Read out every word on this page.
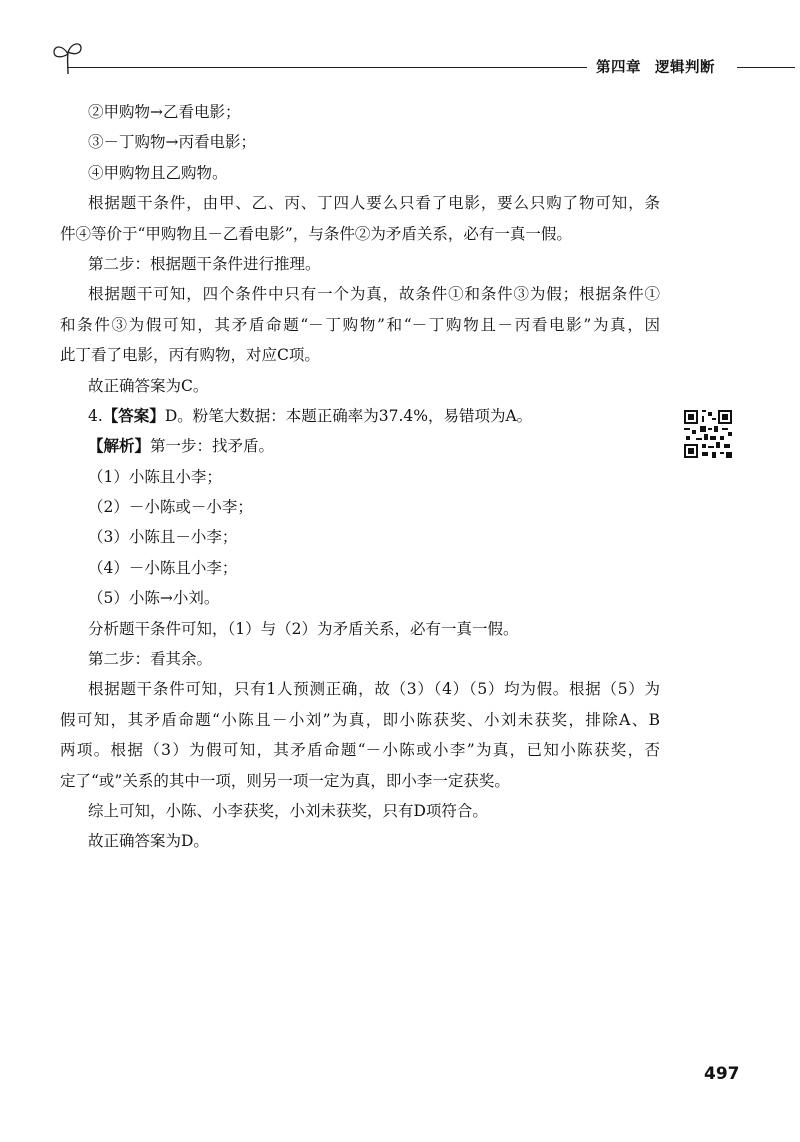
第四章 逻辑判断

②甲购物→乙看电影；

③－丁购物→丙看电影；

④甲购物且乙购物。

根据题干条件，由甲、乙、丙、丁四人要么只看了电影，要么只购了物可知，条

件④等价于“甲购物且－乙看电影”，与条件②为矛盾关系，必有一真一假。

第二步：根据题干条件进行推理。

根据题干可知，四个条件中只有一个为真，故条件①和条件③为假；根据条件①

和条件③为假可知，其矛盾命题“－丁购物”和“－丁购物且－丙看电影”为真，因

此丁看了电影，丙有购物，对应C项。

故正确答案为C。

4.【答案】D。粉笔大数据：本题正确率为37.4%，易错项为A。

【解析】第一步：找矛盾。

（1）小陈且小李；

（2）－小陈或－小李；

（3）小陈且－小李；

（4）－小陈且小李；

（5）小陈→小刘。

分析题干条件可知，（1）与（2）为矛盾关系，必有一真一假。

第二步：看其余。

根据题干条件可知，只有1人预测正确，故（3）（4）（5）均为假。根据（5）为

假可知，其矛盾命题“小陈且－小刘”为真，即小陈获奖、小刘未获奖，排除A、B

两项。根据（3）为假可知，其矛盾命题“－小陈或小李”为真，已知小陈获奖，否

定了“或”关系的其中一项，则另一项一定为真，即小李一定获奖。

综上可知，小陈、小李获奖，小刘未获奖，只有D项符合。

故正确答案为D。

497
